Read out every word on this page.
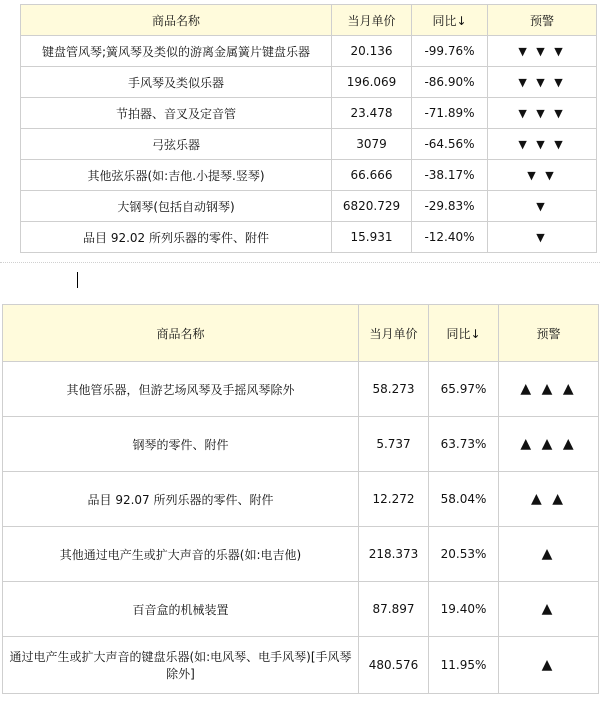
商品名称	当月单价	同比↓	预警
键盘管风琴;簧风琴及类似的游离金属簧片键盘乐器	20.136	-99.76%	▼ ▼ ▼
手风琴及类似乐器	196.069	-86.90%	▼ ▼ ▼
节拍器、音叉及定音管	23.478	-71.89%	▼ ▼ ▼
弓弦乐器	3079	-64.56%	▼ ▼ ▼
其他弦乐器(如:吉他.小提琴.竖琴)	66.666	-38.17%	▼ ▼
大钢琴(包括自动钢琴)	6820.729	-29.83%	▼
品目 92.02 所列乐器的零件、附件	15.931	-12.40%	▼
商品名称	当月单价	同比↓	预警
其他管乐器，但游艺场风琴及手摇风琴除外	58.273	65.97%	▲ ▲ ▲
钢琴的零件、附件	5.737	63.73%	▲ ▲ ▲
品目 92.07 所列乐器的零件、附件	12.272	58.04%	▲ ▲
其他通过电产生或扩大声音的乐器(如:电吉他)	218.373	20.53%	▲
百音盒的机械装置	87.897	19.40%	▲
通过电产生或扩大声音的键盘乐器(如:电风琴、电手风琴)[手风琴除外]	480.576	11.95%	▲
